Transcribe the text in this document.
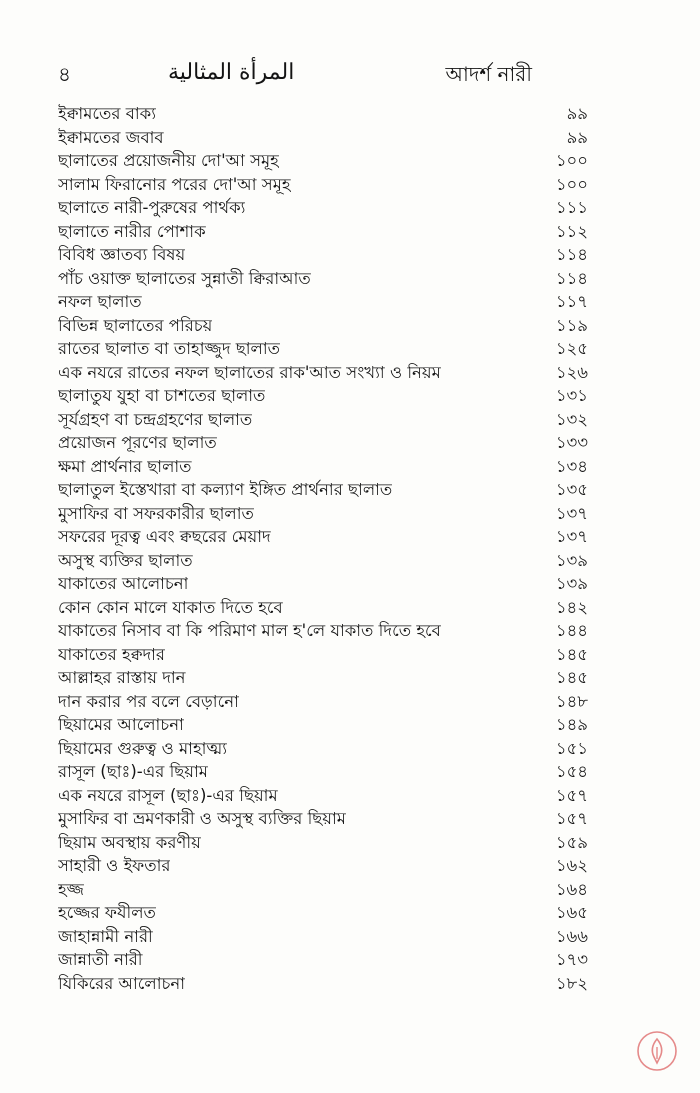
৪	المرأة المثالية	আদর্শ নারী
ইক্বামতের বাক্য	৯৯
ইক্বামতের জবাব	৯৯
ছালাতের প্রয়োজনীয় দো'আ সমূহ	১০০
সালাম ফিরানোর পরের দো'আ সমূহ	১০০
ছালাতে নারী-পুরুষের পার্থক্য	১১১
ছালাতে নারীর পোশাক	১১২
বিবিধ জ্ঞাতব্য বিষয়	১১৪
পাঁচ ওয়াক্ত ছালাতের সুন্নাতী ক্বিরাআত	১১৪
নফল ছালাত	১১৭
বিভিন্ন ছালাতের পরিচয়	১১৯
রাতের ছালাত বা তাহাজ্জুদ ছালাত	১২৫
এক নযরে রাতের নফল ছালাতের রাক'আত সংখ্যা ও নিয়ম	১২৬
ছালাতুয যুহা বা চাশতের ছালাত	১৩১
সূর্যগ্রহণ বা চন্দ্রগ্রহণের ছালাত	১৩২
প্রয়োজন পূরণের ছালাত	১৩৩
ক্ষমা প্রার্থনার ছালাত	১৩৪
ছালাতুল ইস্তেখারা বা কল্যাণ ইঙ্গিত প্রার্থনার ছালাত	১৩৫
মুসাফির বা সফরকারীর ছালাত	১৩৭
সফরের দূরত্ব এবং ক্বছরের মেয়াদ	১৩৭
অসুস্থ ব্যক্তির ছালাত	১৩৯
যাকাতের আলোচনা	১৩৯
কোন কোন মালে যাকাত দিতে হবে	১৪২
যাকাতের নিসাব বা কি পরিমাণ মাল হ'লে যাকাত দিতে হবে	১৪৪
যাকাতের হক্বদার	১৪৫
আল্লাহর রাস্তায় দান	১৪৫
দান করার পর বলে বেড়ানো	১৪৮
ছিয়ামের আলোচনা	১৪৯
ছিয়ামের গুরুত্ব ও মাহাত্ম্য	১৫১
রাসূল (ছাঃ)-এর ছিয়াম	১৫৪
এক নযরে রাসূল (ছাঃ)-এর ছিয়াম	১৫৭
মুসাফির বা ভ্রমণকারী ও অসুস্থ ব্যক্তির ছিয়াম	১৫৭
ছিয়াম অবস্থায় করণীয়	১৫৯
সাহারী ও ইফতার	১৬২
হজ্জ	১৬৪
হজ্জের ফযীলত	১৬৫
জাহান্নামী নারী	১৬৬
জান্নাতী নারী	১৭৩
যিকিরের আলোচনা	১৮২
